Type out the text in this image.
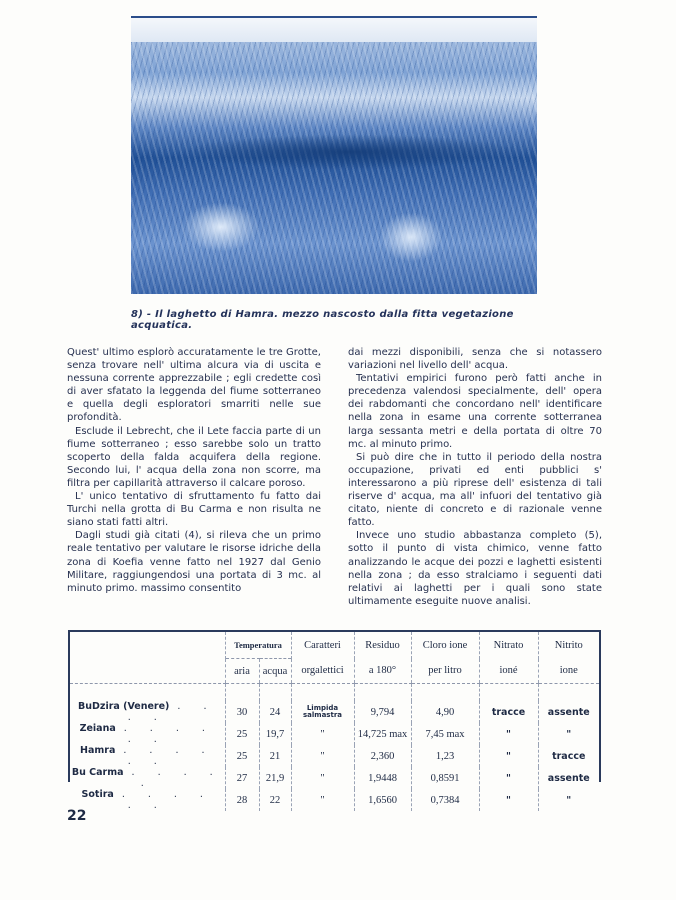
8) - Il laghetto di Hamra. mezzo nascosto dalla fitta vegetazione acquatica.

Quest' ultimo esplorò accuratamente le tre Grotte, senza trovare nell' ultima alcura via di uscita e nessuna corrente apprezzabile ; egli credette così di aver sfatato la leggenda del fiume sotterraneo e quella degli esploratori smarriti nelle sue profondità.

Esclude il Lebrecht, che il Lete faccia parte di un fiume sotterraneo ; esso sarebbe solo un tratto scoperto della falda acquifera della regione. Secondo lui, l' acqua della zona non scorre, ma filtra per capillarità attraverso il calcare poroso.

L' unico tentativo di sfruttamento fu fatto dai Turchi nella grotta di Bu Carma e non risulta ne siano stati fatti altri.

Dagli studi già citati (4), si rileva che un primo reale tentativo per valutare le risorse idriche della zona di Koefia venne fatto nel 1927 dal Genio Militare, raggiungendosi una portata di 3 mc. al minuto primo. massimo consentito

dai mezzi disponibili, senza che si notassero variazioni nel livello dell' acqua.

Tentativi empirici furono però fatti anche in precedenza valendosi specialmente, dell' opera dei rabdomanti che concordano nell' identificare nella zona in esame una corrente sotterranea larga sessanta metri e della portata di oltre 70 mc. al minuto primo.

Si può dire che in tutto il periodo della nostra occupazione, privati ed enti pubblici s' interessarono a più riprese dell' esistenza di tali riserve d' acqua, ma all' infuori del tentativo già citato, niente di concreto e di razionale venne fatto.

Invece uno studio abbastanza completo (5), sotto il punto di vista chimico, venne fatto analizzando le acque dei pozzi e laghetti esistenti nella zona ; da esso stralciamo i seguenti dati relativi ai laghetti per i quali sono state ultimamente eseguite nuove analisi.

	Temperatura		Caratteri	Residuo	Cloro ione	Nitrato	Nitrito
	aria	acqua	orgalettici	a 180°	per litro	ioné	ione

BuDzira (Venere) . . . .	30	24	Limpida salmastra	9,794	4,90	tracce	assente
Zeiana . . . . . .	25	19,7	"	14,725 max	7,45 max	"	"
Hamra . . . . . .	25	21	"	2,360	1,23	"	tracce
Bu Carma . . . . .	27	21,9	"	1,9448	0,8591	"	assente
Sotira . . . . . .	28	22	"	1,6560	0,7384	"	"
22
